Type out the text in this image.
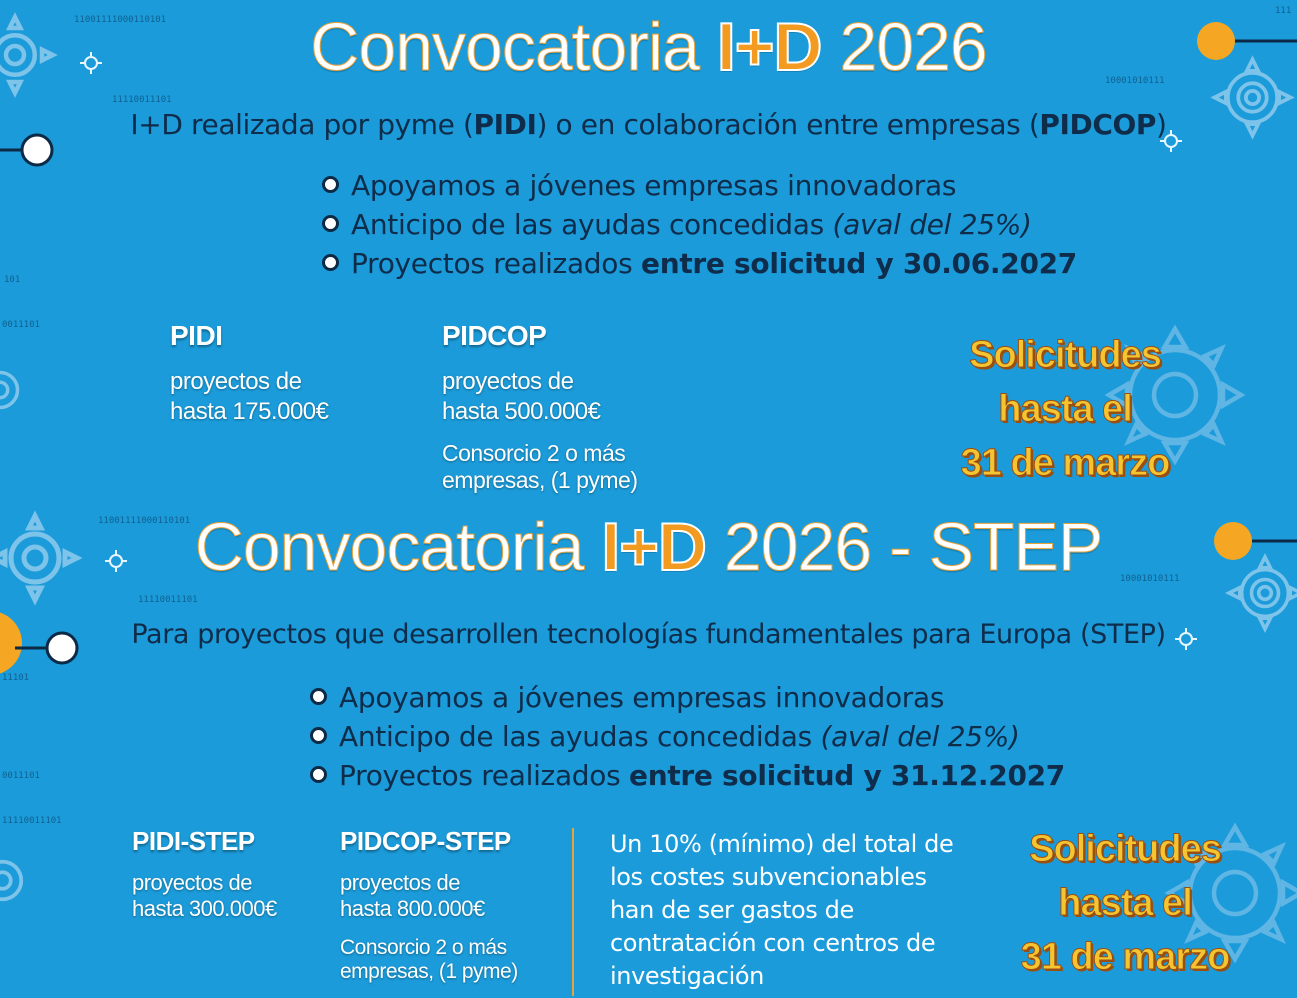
11001111000110101
11110011101
10001010111
101
0011101
111
Convocatoria I+D 2026
I+D realizada por pyme (PIDI) o en colaboración entre empresas (PIDCOP)
Apoyamos a jóvenes empresas innovadoras
Anticipo de las ayudas concedidas (aval del 25%)
Proyectos realizados entre solicitud y 30.06.2027
PIDI
proyectos de
hasta 175.000€
PIDCOP
proyectos de
hasta 500.000€
Consorcio 2 o más
empresas, (1 pyme)
Solicitudes
hasta el
31 de marzo
11001111000110101
11110011101
10001010111
11101
0011101
11110011101
Convocatoria I+D 2026 - STEP
Para proyectos que desarrollen tecnologías fundamentales para Europa (STEP)
Apoyamos a jóvenes empresas innovadoras
Anticipo de las ayudas concedidas (aval del 25%)
Proyectos realizados entre solicitud y 31.12.2027
PIDI-STEP
proyectos de
hasta 300.000€
PIDCOP-STEP
proyectos de
hasta 800.000€
Consorcio 2 o más
empresas, (1 pyme)
Un 10% (mínimo) del total de
los costes subvencionables
han de ser gastos de
contratación con centros de
investigación
Solicitudes
hasta el
31 de marzo
